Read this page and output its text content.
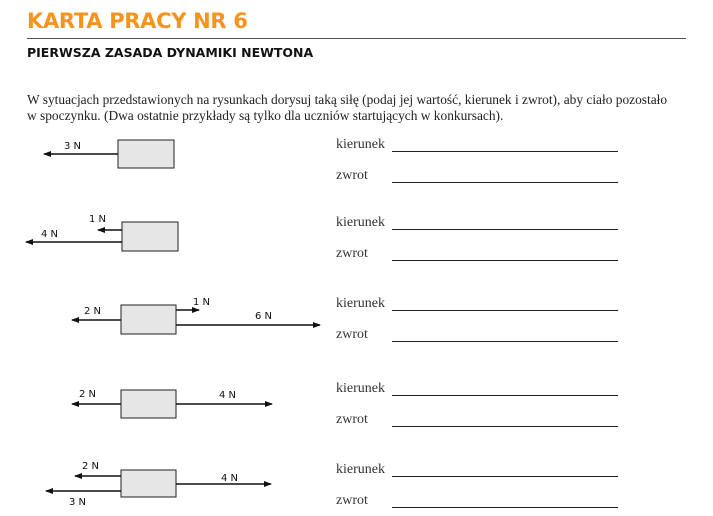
KARTA PRACY NR 6
PIERWSZA ZASADA DYNAMIKI NEWTONA
W sytuacjach przedstawionych na rysunkach dorysuj taką siłę (podaj jej wartość, kierunek i zwrot), aby ciało pozostało
w spoczynku. (Dwa ostatnie przykłady są tylko dla uczniów startujących w konkursach).
3 N
1 N
4 N
2 N
1 N
6 N
2 N	4 N
2 N
3 N
4 N
kierunek
zwrot
kierunek
zwrot
kierunek
zwrot
kierunek
zwrot
kierunek
zwrot
